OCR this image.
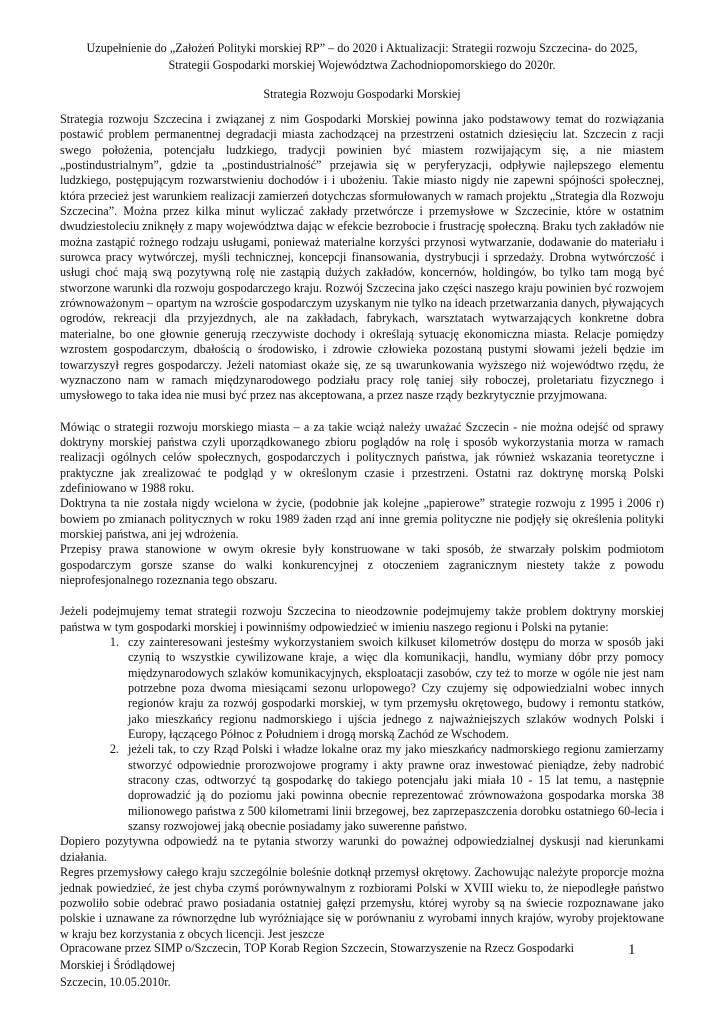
Uzupełnienie do „Założeń Polityki morskiej RP” – do 2020 i Aktualizacji: Strategii rozwoju Szczecina- do 2025,
Strategii Gospodarki morskiej Województwa Zachodniopomorskiego do 2020r.
Strategia Rozwoju Gospodarki Morskiej

Strategia rozwoju Szczecina i związanej z nim Gospodarki Morskiej powinna jako podstawowy temat do rozwiązania postawić problem permanentnej degradacji miasta zachodzącej na przestrzeni ostatnich dziesięciu lat. Szczecin z racji swego położenia, potencjału ludzkiego, tradycji powinien być miastem rozwijającym się, a nie miastem „postindustrialnym”, gdzie ta „postindustrialność” przejawia się w peryferyzacji, odpływie najlepszego elementu ludzkiego, postępującym rozwarstwieniu dochodów i i ubożeniu. Takie miasto nigdy nie zapewni spójności społecznej, która przecież jest warunkiem realizacji zamierzeń dotychczas sformułowanych w ramach projektu „Strategia dla Rozwoju Szczecina”. Można przez kilka minut wyliczać zakłady przetwórcze i przemysłowe w Szczecinie, które w ostatnim dwudziestoleciu zniknęły z mapy województwa dając w efekcie bezrobocie i frustrację społeczną. Braku tych zakładów nie można zastąpić rożnego rodzaju usługami, ponieważ materialne korzyści przynosi wytwarzanie, dodawanie do materiału i surowca pracy wytwórczej, myśli technicznej, koncepcji finansowania, dystrybucji i sprzedaży. Drobna wytwórczość i usługi choć mają swą pozytywną rolę nie zastąpią dużych zakładów, koncernów, holdingów, bo tylko tam mogą być stworzone warunki dla rozwoju gospodarczego kraju. Rozwój Szczecina jako części naszego kraju powinien być rozwojem zrównoważonym – opartym na wzroście gospodarczym uzyskanym nie tylko na ideach przetwarzania danych, pływających ogrodów, rekreacji dla przyjezdnych, ale na zakładach, fabrykach, warsztatach wytwarzających konkretne dobra materialne, bo one głownie generują rzeczywiste dochody i określają sytuację ekonomiczna miasta. Relacje pomiędzy wzrostem gospodarczym, dbałością o środowisko, i zdrowie człowieka pozostaną pustymi słowami jeżeli będzie im towarzyszył regres gospodarczy. Jeżeli natomiast okaże się, ze są uwarunkowania wyższego niż wojewódtwo rzędu, że wyznaczono nam w ramach międzynarodowego podziału pracy rolę taniej siły roboczej, proletariatu fizycznego i umysłowego to taka idea nie musi być przez nas akceptowana, a przez nasze rządy bezkrytycznie przyjmowana.

Mówiąc o strategii rozwoju morskiego miasta – a za takie wciąż należy uważać Szczecin - nie można odejść od sprawy doktryny morskiej państwa czyli uporządkowanego zbioru poglądów na rolę i sposób wykorzystania morza w ramach realizacji ogólnych celów społecznych, gospodarczych i politycznych państwa, jak również wskazania teoretyczne i praktyczne jak zrealizować te podgląd y w określonym czasie i przestrzeni. Ostatni raz doktrynę morską Polski zdefiniowano w 1988 roku.

Doktryna ta nie została nigdy wcielona w życie, (podobnie jak kolejne „papierowe” strategie rozwoju z 1995 i 2006 r) bowiem po zmianach politycznych w roku 1989 żaden rząd ani inne gremia polityczne nie podjęły się określenia polityki morskiej państwa, ani jej wdrożenia.

Przepisy prawa stanowione w owym okresie były konstruowane w taki sposób, że stwarzały polskim podmiotom gospodarczym gorsze szanse do walki konkurencyjnej z otoczeniem zagranicznym niestety także z powodu nieprofesjonalnego rozeznania tego obszaru.

Jeżeli podejmujemy temat strategii rozwoju Szczecina to nieodzownie podejmujemy także problem doktryny morskiej państwa w tym gospodarki morskiej i powinniśmy odpowiedzieć w imieniu naszego regionu i Polski na pytanie:

1. czy zainteresowani jesteśmy wykorzystaniem swoich kilkuset kilometrów dostępu do morza w sposób jaki czynią to wszystkie cywilizowane kraje, a więc dla komunikacji, handlu, wymiany dóbr przy pomocy międzynarodowych szlaków komunikacyjnych, eksploatacji zasobów, czy też to morze w ogóle nie jest nam potrzebne poza dwoma miesiącami sezonu urlopowego? Czy czujemy się odpowiedzialni wobec innych regionów kraju za rozwój gospodarki morskiej, w tym przemysłu okrętowego, budowy i remontu statków, jako mieszkańcy regionu nadmorskiego i ujścia jednego z najważniejszych szlaków wodnych Polski i Europy, łączącego Północ z Południem i drogą morską Zachód ze Wschodem.
2. jeżeli tak, to czy Rząd Polski i władze lokalne oraz my jako mieszkańcy nadmorskiego regionu zamierzamy stworzyć odpowiednie prorozwojowe programy i akty prawne oraz inwestować pieniądze, żeby nadrobić stracony czas, odtworzyć tą gospodarkę do takiego potencjału jaki miała 10 - 15 lat temu, a następnie doprowadzić ją do poziomu jaki powinna obecnie reprezentować zrównoważona gospodarka morska 38 milionowego państwa z 500 kilometrami linii brzegowej, bez zaprzepaszczenia dorobku ostatniego 60-lecia i szansy rozwojowej jaką obecnie posiadamy jako suwerenne państwo.

Dopiero pozytywna odpowiedź na te pytania stworzy warunki do poważnej odpowiedzialnej dyskusji nad kierunkami działania.

Regres przemysłowy całego kraju szczególnie boleśnie dotknął przemysł okrętowy. Zachowując należyte proporcje można jednak powiedzieć, że jest chyba czymś porównywalnym z rozbiorami Polski w XVIII wieku to, że niepodległe państwo pozwoliło sobie odebrać prawo posiadania ostatniej gałęzi przemysłu, której wyroby są na świecie rozpoznawane jako polskie i uznawane za równorzędne lub wyróżniające się w porównaniu z wyrobami innych krajów, wyroby projektowane w kraju bez korzystania z obcych licencji. Jest jeszcze

Opracowane przez SIMP o/Szczecin, TOP Korab Region Szczecin, Stowarzyszenie na Rzecz Gospodarki
Morskiej i Śródlądowej
Szczecin, 10.05.2010r.
1
